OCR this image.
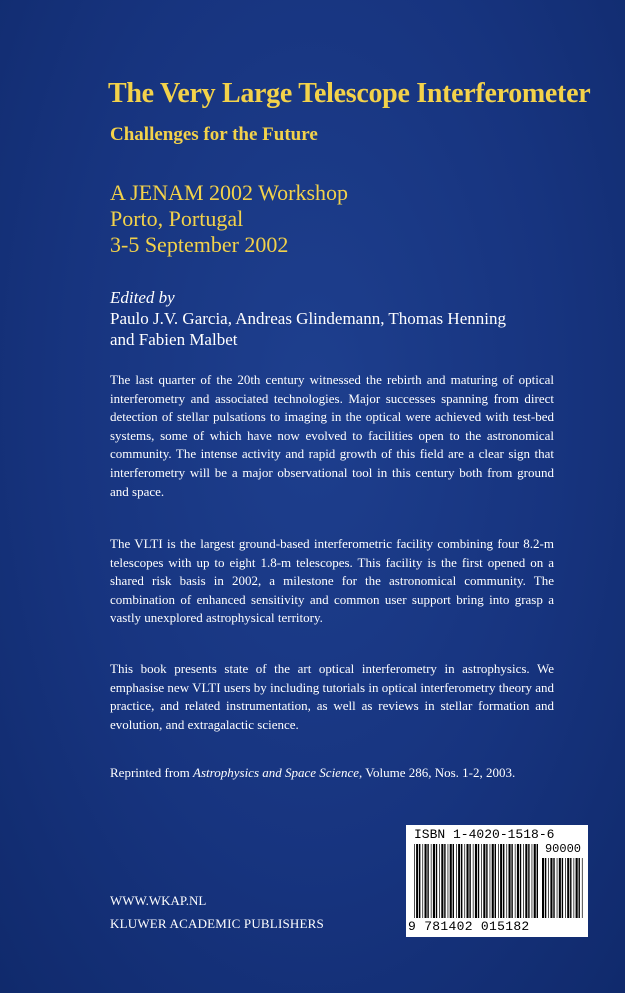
The Very Large Telescope Interferometer
Challenges for the Future
A JENAM 2002 Workshop
Porto, Portugal
3-5 September 2002
Edited by
Paulo J.V. Garcia, Andreas Glindemann, Thomas Henning
and Fabien Malbet
The last quarter of the 20th century witnessed the rebirth and maturing of optical interferometry and associated technologies. Major successes spanning from direct detection of stellar pulsations to imaging in the optical were achieved with test-bed systems, some of which have now evolved to facilities open to the astronomical community. The intense activity and rapid growth of this field are a clear sign that interferometry will be a major observational tool in this century both from ground and space.
The VLTI is the largest ground-based interferometric facility combining four 8.2-m telescopes with up to eight 1.8-m telescopes. This facility is the first opened on a shared risk basis in 2002, a milestone for the astronomical community. The combination of enhanced sensitivity and common user support bring into grasp a vastly unexplored astrophysical territory.
This book presents state of the art optical interferometry in astrophysics. We emphasise new VLTI users by including tutorials in optical interferometry theory and practice, and related instrumentation, as well as reviews in stellar formation and evolution, and extragalactic science.
Reprinted from Astrophysics and Space Science, Volume 286, Nos. 1-2, 2003.
ISBN 1-4020-1518-6
90000
9 781402 015182
WWW.WKAP.NL
KLUWER ACADEMIC PUBLISHERS
